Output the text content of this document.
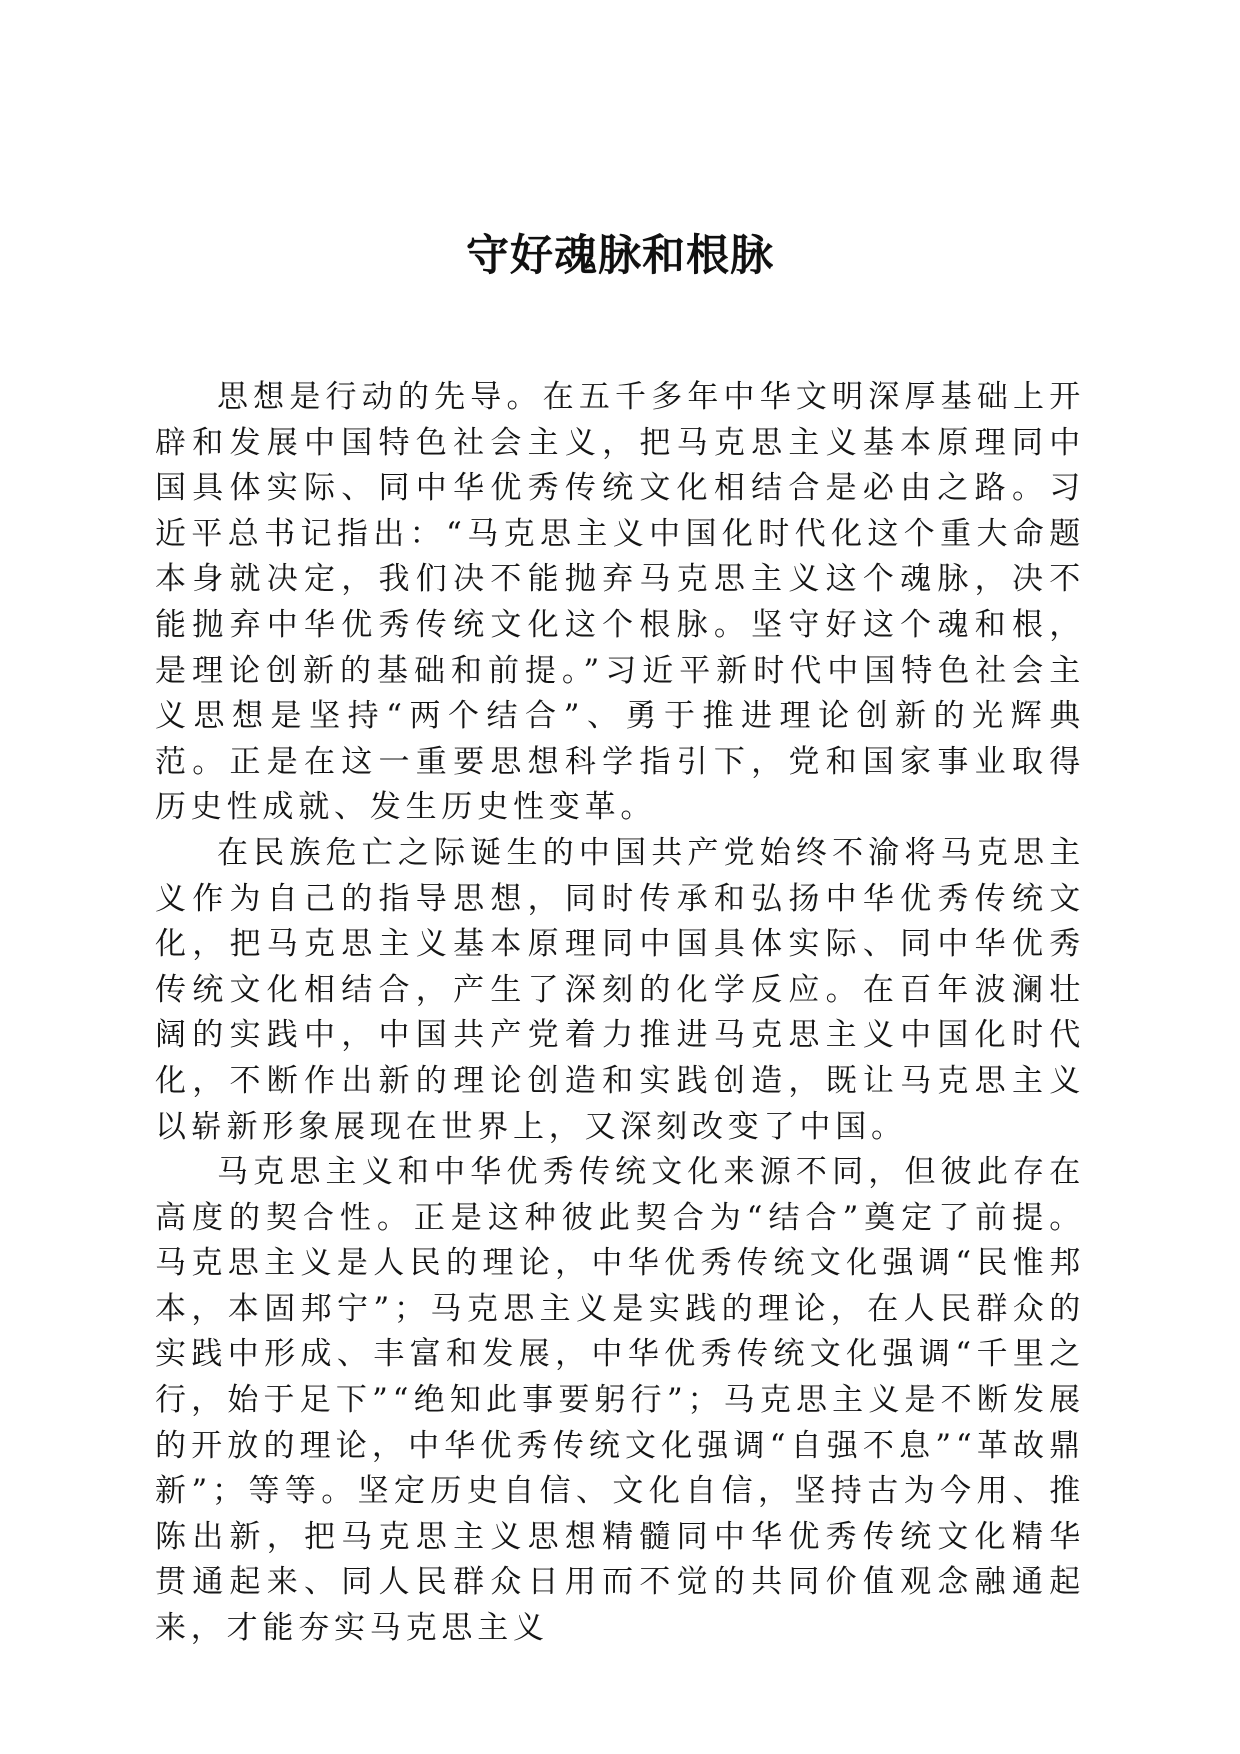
守好魂脉和根脉

思想是行动的先导。在五千多年中华文明深厚基础上开辟和发展中国特色社会主义，把马克思主义基本原理同中国具体实际、同中华优秀传统文化相结合是必由之路。习近平总书记指出：“马克思主义中国化时代化这个重大命题本身就决定，我们决不能抛弃马克思主义这个魂脉，决不能抛弃中华优秀传统文化这个根脉。坚守好这个魂和根，是理论创新的基础和前提。”习近平新时代中国特色社会主义思想是坚持“两个结合”、勇于推进理论创新的光辉典范。正是在这一重要思想科学指引下，党和国家事业取得历史性成就、发生历史性变革。

在民族危亡之际诞生的中国共产党始终不渝将马克思主义作为自己的指导思想，同时传承和弘扬中华优秀传统文化，把马克思主义基本原理同中国具体实际、同中华优秀传统文化相结合，产生了深刻的化学反应。在百年波澜壮阔的实践中，中国共产党着力推进马克思主义中国化时代化，不断作出新的理论创造和实践创造，既让马克思主义以崭新形象展现在世界上，又深刻改变了中国。

马克思主义和中华优秀传统文化来源不同，但彼此存在高度的契合性。正是这种彼此契合为“结合”奠定了前提。马克思主义是人民的理论，中华优秀传统文化强调“民惟邦本，本固邦宁”；马克思主义是实践的理论，在人民群众的实践中形成、丰富和发展，中华优秀传统文化强调“千里之行，始于足下”“绝知此事要躬行”；马克思主义是不断发展的开放的理论，中华优秀传统文化强调“自强不息”“革故鼎新”；等等。坚定历史自信、文化自信，坚持古为今用、推陈出新，把马克思主义思想精髓同中华优秀传统文化精华贯通起来、同人民群众日用而不觉的共同价值观念融通起来，才能夯实马克思主义
